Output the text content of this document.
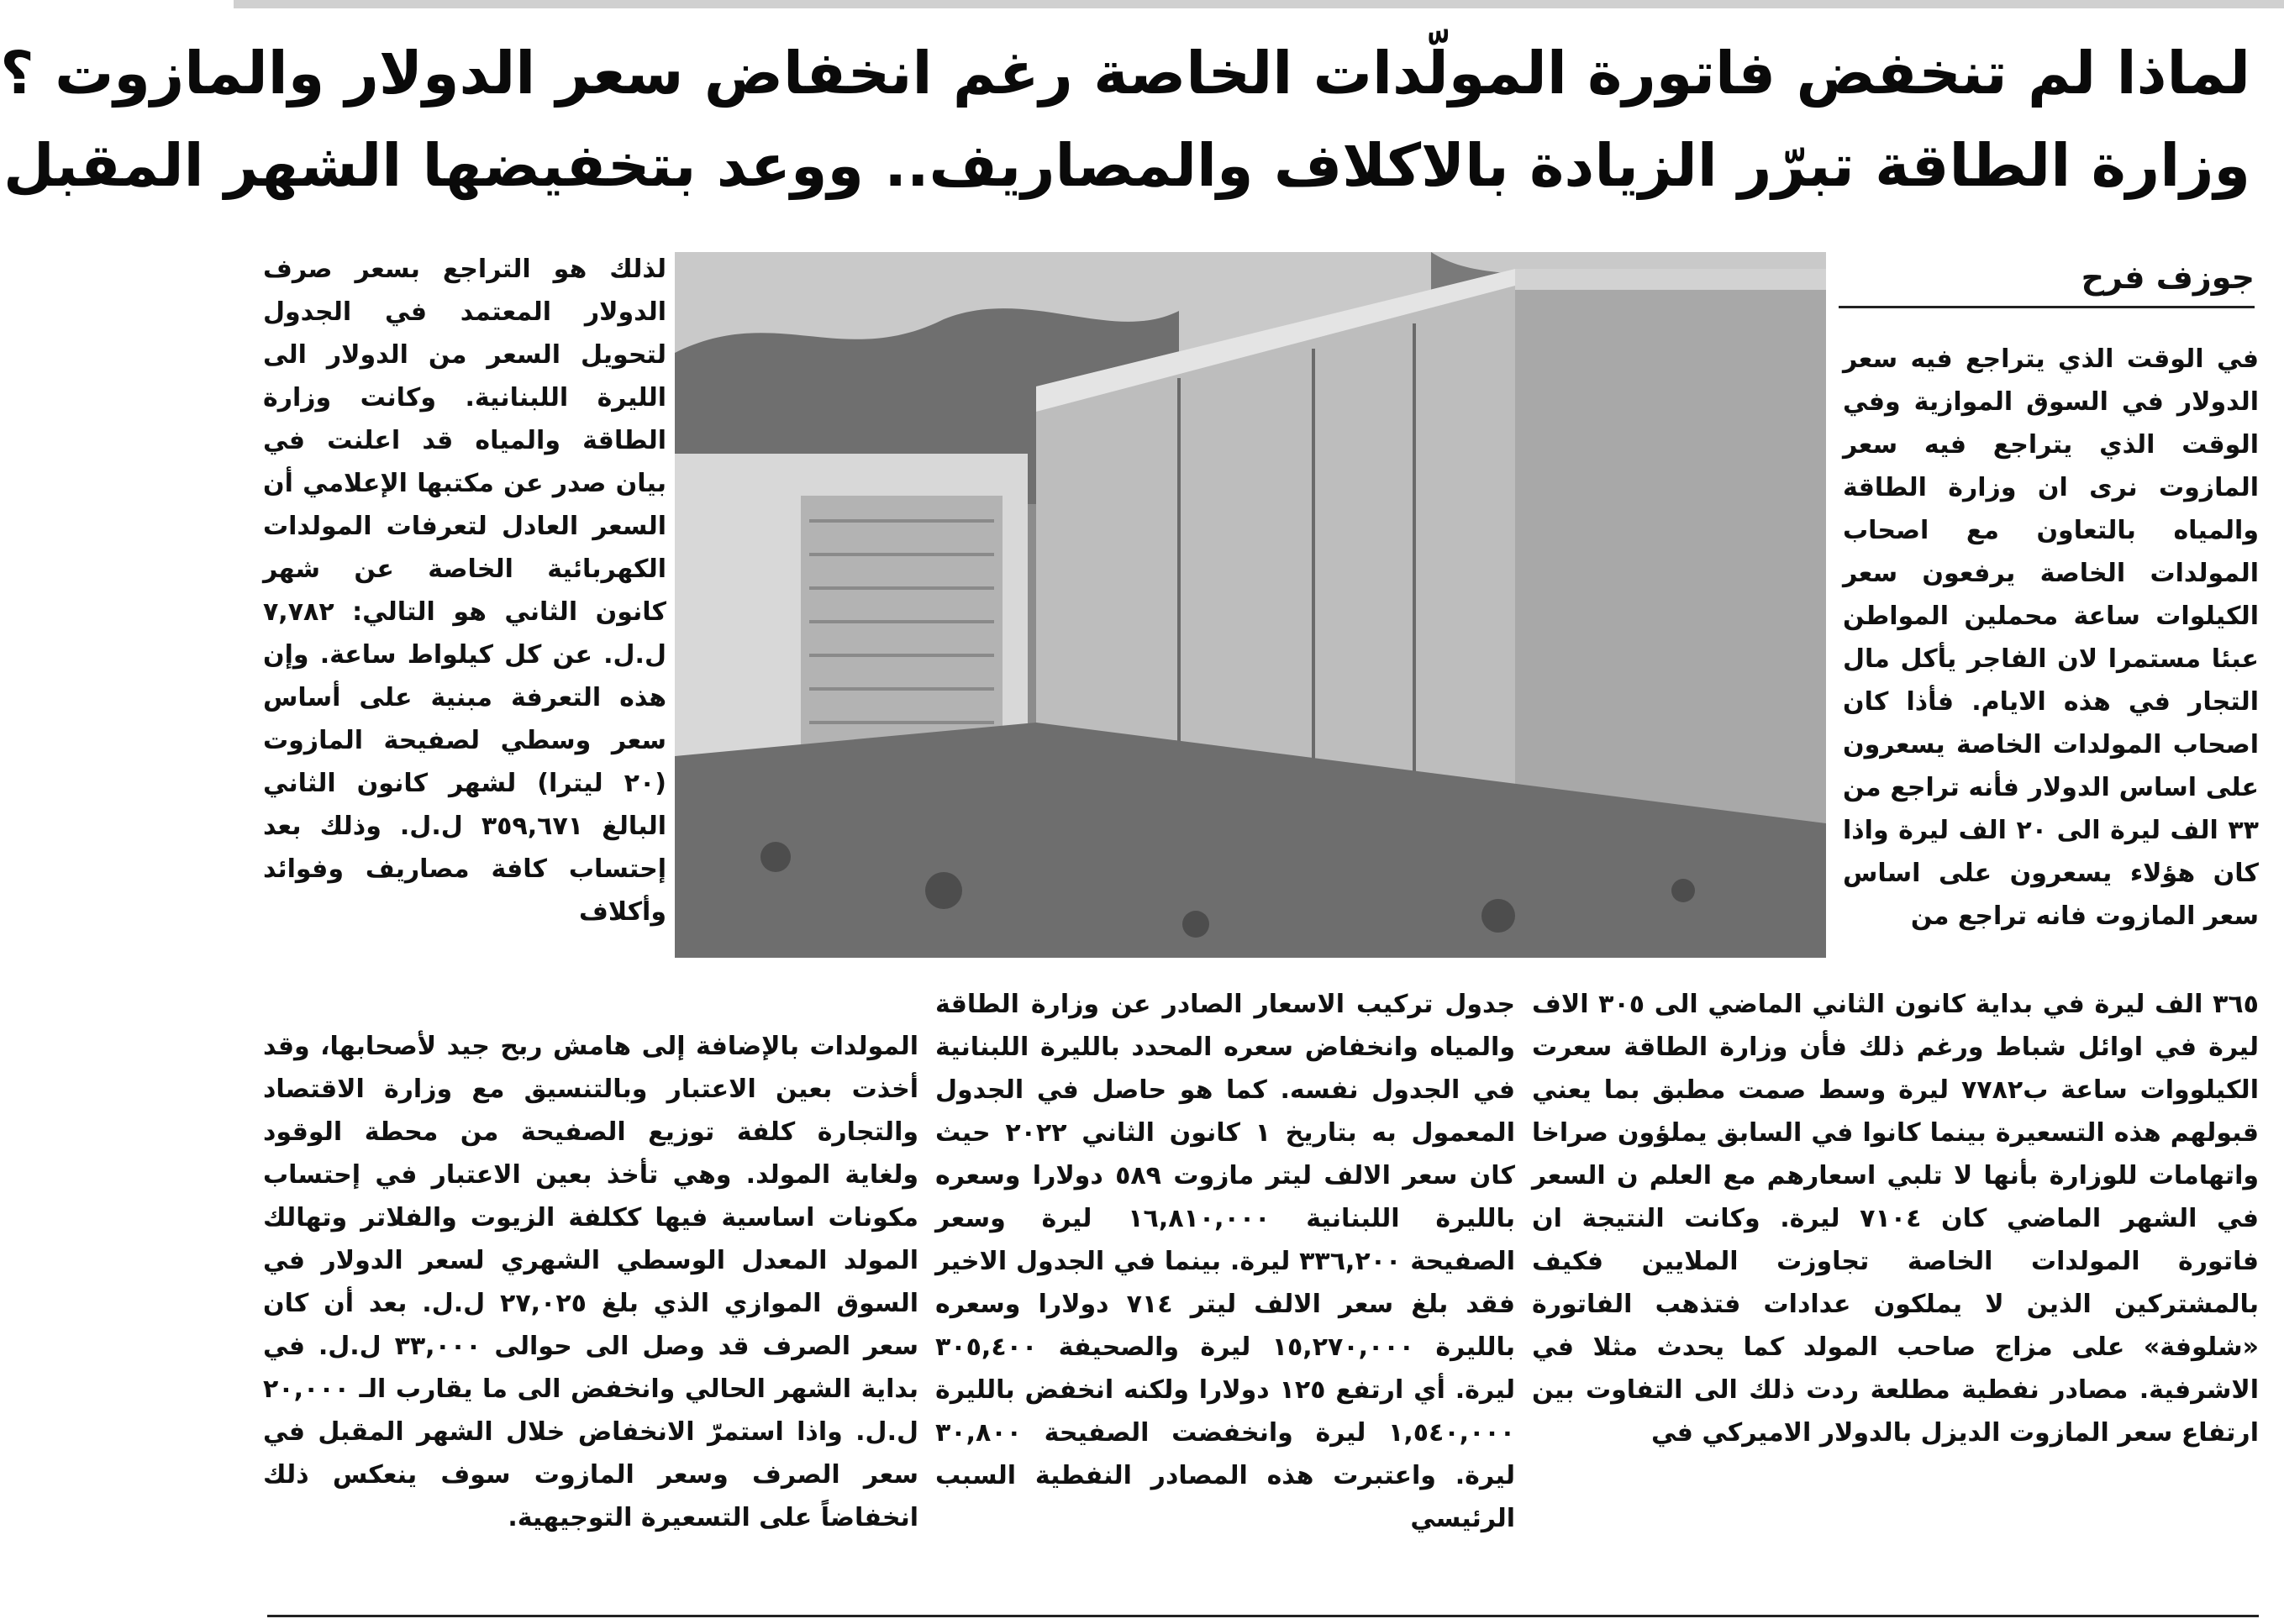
لماذا لم تنخفض فاتورة المولّدات الخاصة رغم انخفاض سعر الدولار والمازوت ؟
وزارة الطاقة تبرّر الزيادة بالاكلاف والمصاريف.. ووعد بتخفيضها الشهر المقبل
جوزف فرح

في الوقت الذي يتراجع فيه سعر الدولار في السوق الموازية وفي الوقت الذي يتراجع فيه سعر المازوت نرى ان وزارة الطاقة والمياه بالتعاون مع اصحاب المولدات الخاصة يرفعون سعر الكيلوات ساعة محملين المواطن عبئا مستمرا لان الفاجر يأكل مال التجار في هذه الايام. فأذا كان اصحاب المولدات الخاصة يسعرون على اساس الدولار فأنه تراجع من ٣٣ الف ليرة الى ٢٠ الف ليرة واذا كان هؤلاء يسعرون على اساس سعر المازوت فانه تراجع من

٣٦٥ الف ليرة في بداية كانون الثاني الماضي الى ٣٠٥ الاف ليرة في اوائل شباط ورغم ذلك فأن وزارة الطاقة سعرت الكيلووات ساعة ب٧٧٨٢ ليرة وسط صمت مطبق بما يعني قبولهم هذه التسعيرة بينما كانوا في السابق يملؤون صراخا واتهامات للوزارة بأنها لا تلبي اسعارهم مع العلم ن السعر في الشهر الماضي كان ٧١٠٤ ليرة. وكانت النتيجة ان فاتورة المولدات الخاصة تجاوزت الملايين فكيف بالمشتركين الذين لا يملكون عدادات فتذهب الفاتورة «شلوفة» على مزاج صاحب المولد كما يحدث مثلا في الاشرفية. مصادر نفطية مطلعة ردت ذلك الى التفاوت بين ارتفاع سعر المازوت الديزل بالدولار الاميركي في

جدول تركيب الاسعار الصادر عن وزارة الطاقة والمياه وانخفاض سعره المحدد بالليرة اللبنانية في الجدول نفسه. كما هو حاصل في الجدول المعمول به بتاريخ ١ كانون الثاني ٢٠٢٢ حيث كان سعر الالف ليتر مازوت ٥٨٩ دولارا وسعره بالليرة اللبنانية ١٦,٨١٠,٠٠٠ ليرة وسعر الصفيحة ٣٣٦,٢٠٠ ليرة. بينما في الجدول الاخير فقد بلغ سعر الالف ليتر ٧١٤ دولارا وسعره بالليرة ١٥,٢٧٠,٠٠٠ ليرة والصحيفة ٣٠٥,٤٠٠ ليرة. أي ارتفع ١٢٥ دولارا ولكنه انخفض بالليرة ١,٥٤٠,٠٠٠ ليرة وانخفضت الصفيحة ٣٠,٨٠٠ ليرة. واعتبرت هذه المصادر النفطية السبب الرئيسي

لذلك هو التراجع بسعر صرف الدولار المعتمد في الجدول لتحويل السعر من الدولار الى الليرة اللبنانية. وكانت وزارة الطاقة والمياه قد اعلنت في بيان صدر عن مكتبها الإعلامي أن السعر العادل لتعرفات المولدات الكهربائية الخاصة عن شهر كانون الثاني هو التالي: ٧,٧٨٢ ل.ل. عن كل كيلواط ساعة. وإن هذه التعرفة مبنية على أساس سعر وسطي لصفيحة المازوت (٢٠ ليترا) لشهر كانون الثاني البالغ ٣٥٩,٦٧١ ل.ل. وذلك بعد إحتساب كافة مصاريف وفوائد وأكلاف

المولدات بالإضافة إلى هامش ربح جيد لأصحابها، وقد أخذت بعين الاعتبار وبالتنسيق مع وزارة الاقتصاد والتجارة كلفة توزيع الصفيحة من محطة الوقود ولغاية المولد. وهي تأخذ بعين الاعتبار في إحتساب مكونات اساسية فيها ككلفة الزيوت والفلاتر وتهالك المولد المعدل الوسطي الشهري لسعر الدولار في السوق الموازي الذي بلغ ٢٧,٠٢٥ ل.ل. بعد أن كان سعر الصرف قد وصل الى حوالى ٣٣,٠٠٠ ل.ل. في بداية الشهر الحالي وانخفض الى ما يقارب الـ ٢٠,٠٠٠ ل.ل. واذا استمرّ الانخفاض خلال الشهر المقبل في سعر الصرف وسعر المازوت سوف ينعكس ذلك انخفاضاً على التسعيرة التوجيهية.
